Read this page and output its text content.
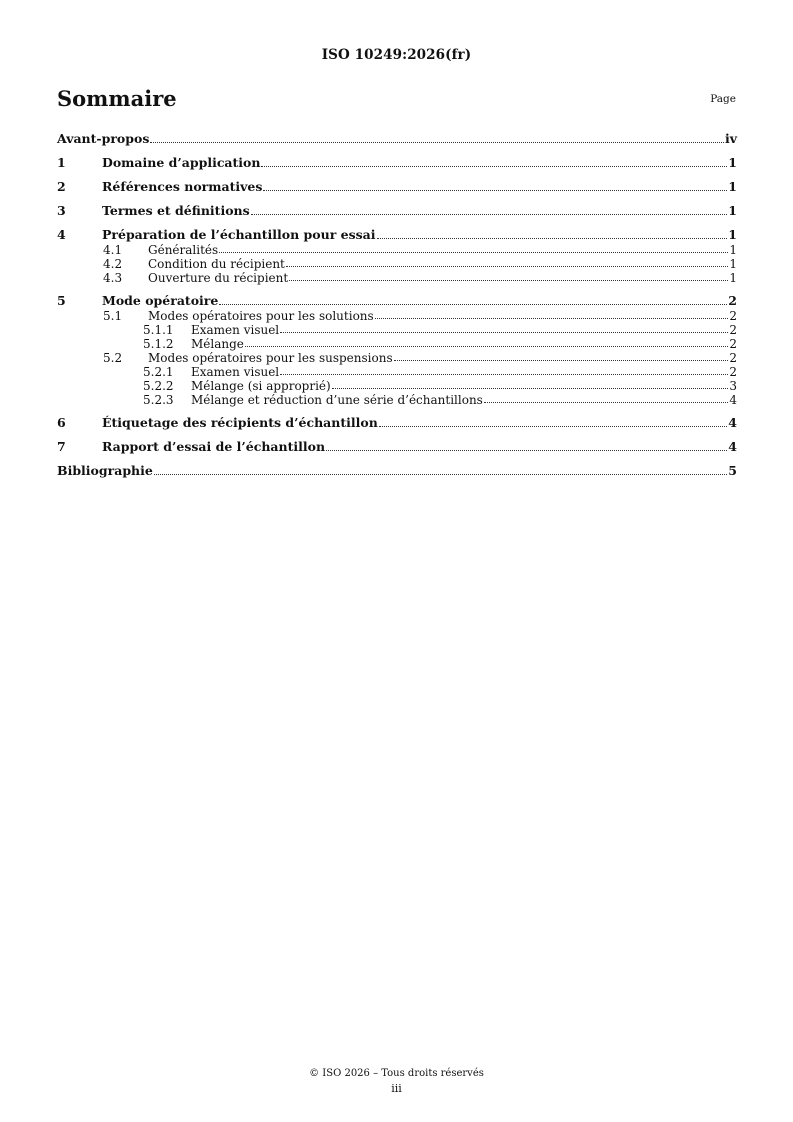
ISO 10249:2026(fr)
Sommaire	Page
Avant-propos	iv
1	Domaine d’application	1
2	Références normatives	1
3	Termes et définitions	1
4	Préparation de l’échantillon pour essai	1
4.1	Généralités	1
4.2	Condition du récipient	1
4.3	Ouverture du récipient	1
5	Mode opératoire	2
5.1	Modes opératoires pour les solutions	2
5.1.1	Examen visuel	2
5.1.2	Mélange	2
5.2	Modes opératoires pour les suspensions	2
5.2.1	Examen visuel	2
5.2.2	Mélange (si approprié)	3
5.2.3	Mélange et réduction d’une série d’échantillons	4
6	Étiquetage des récipients d’échantillon	4
7	Rapport d’essai de l’échantillon	4
Bibliographie	5
© ISO 2026 – Tous droits réservés
iii
